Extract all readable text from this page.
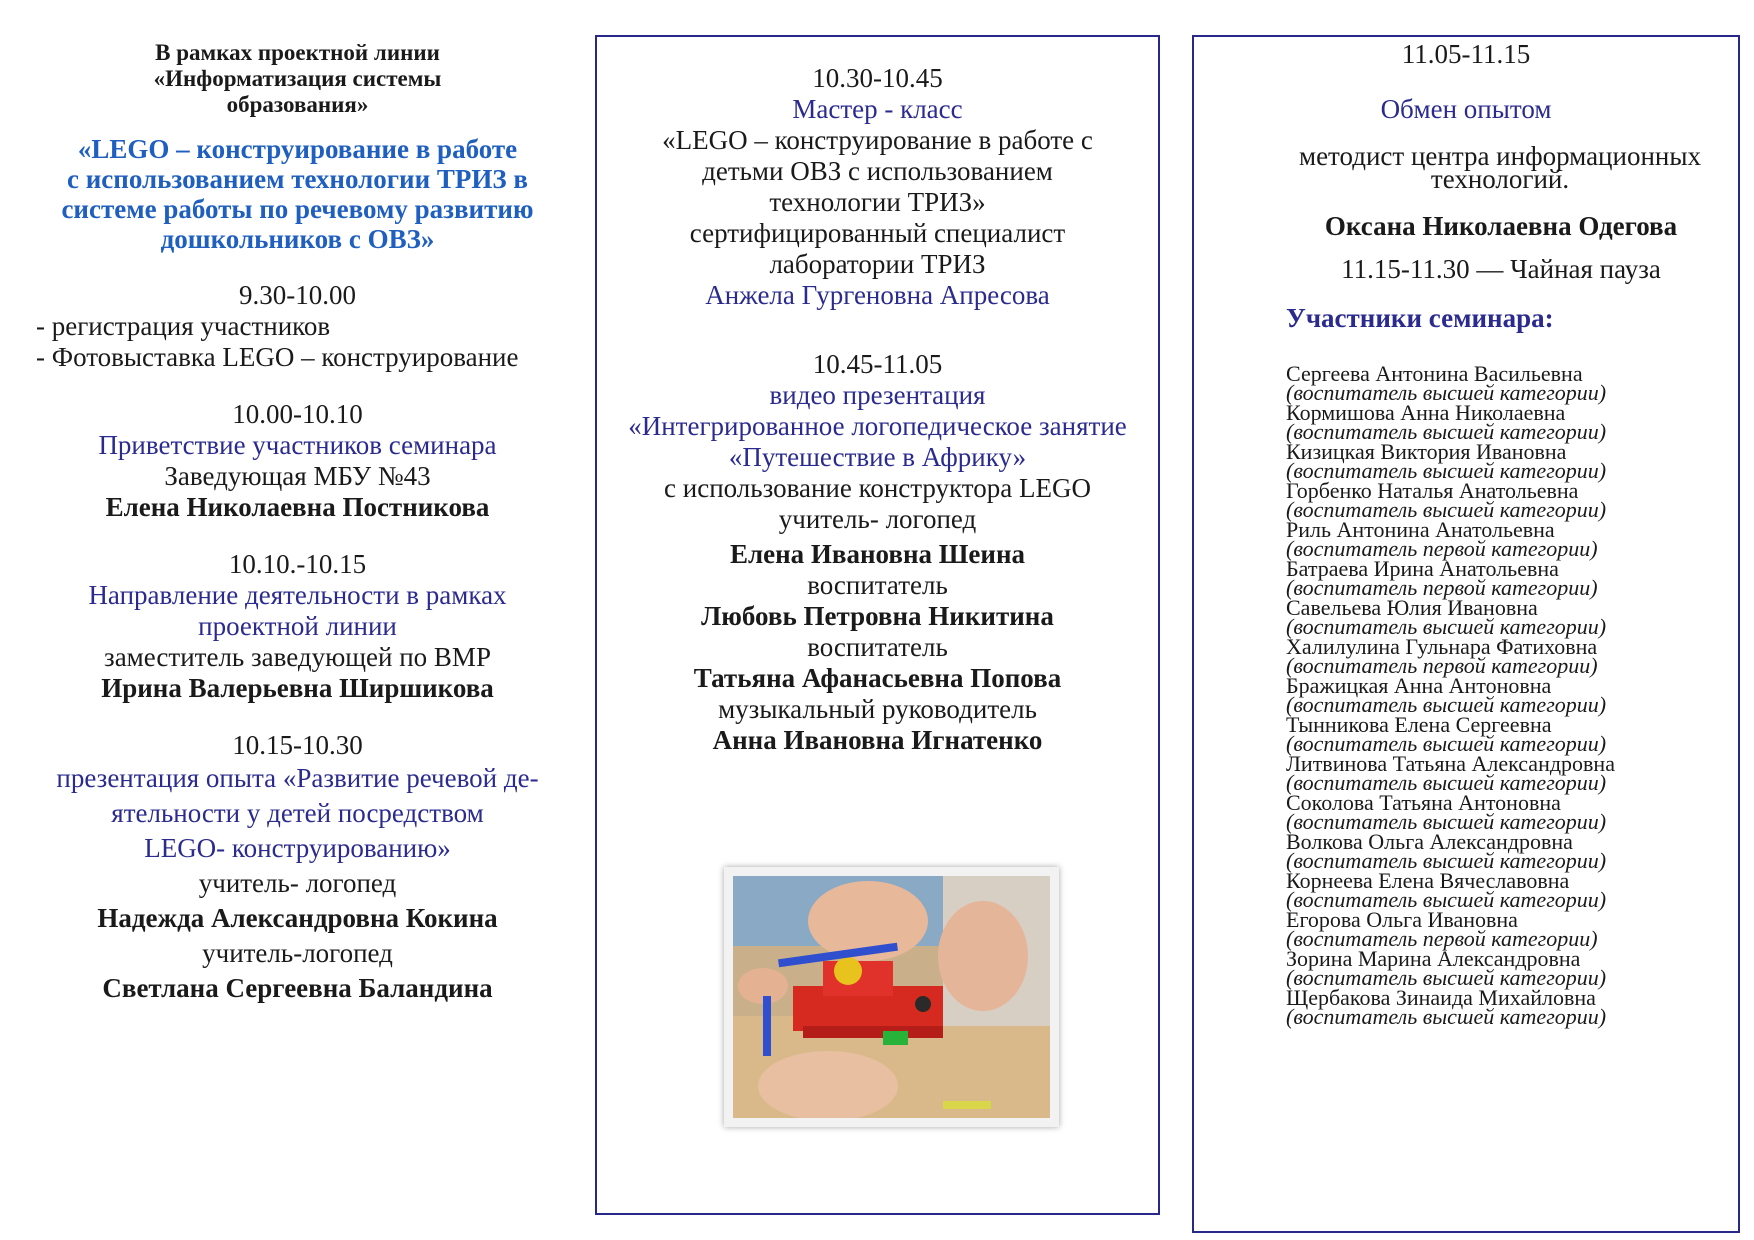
В рамках проектной линии
«Информатизация системы
образования»
«LEGO – конструирование в работе
с использованием технологии ТРИЗ в
системе работы по речевому развитию
дошкольников с ОВЗ»
9.30-10.00
- регистрация участников
- Фотовыставка LEGO – конструирование
10.00-10.10
Приветствие участников семинара
Заведующая МБУ №43
Елена Николаевна Постникова
10.10.-10.15
Направление деятельности в рамках
проектной линии
заместитель заведующей по ВМР
Ирина Валерьевна Ширшикова
10.15-10.30
презентация опыта «Развитие речевой де-
ятельности у детей посредством
LEGO- конструированию»
учитель- логопед
Надежда Александровна Кокина
учитель-логопед
Светлана Сергеевна Баландина
10.30-10.45
Мастер - класс
«LEGO – конструирование в работе с
детьми ОВЗ с использованием
технологии ТРИЗ»
сертифицированный специалист
лаборатории ТРИЗ
Анжела Гургеновна Апресова
10.45-11.05
видео презентация
«Интегрированное логопедическое занятие
«Путешествие в Африку»
с использование конструктора LEGO
учитель- логопед
Елена Ивановна Шеина
воспитатель
Любовь Петровна Никитина
воспитатель
Татьяна Афанасьевна Попова
музыкальный руководитель
Анна Ивановна Игнатенко
11.05-11.15
Обмен опытом
методист центра информационных
технологий.
Оксана Николаевна Одегова
11.15-11.30 — Чайная пауза
Участники семинара:
Сергеева Антонина Васильевна
(воспитатель высшей категории)
Кормишова Анна Николаевна
(воспитатель высшей категории)
Кизицкая Виктория Ивановна
(воспитатель высшей категории)
Горбенко Наталья Анатольевна
(воспитатель высшей категории)
Риль Антонина Анатольевна
(воспитатель первой категории)
Батраева Ирина Анатольевна
(воспитатель первой категории)
Савельева Юлия Ивановна
(воспитатель высшей категории)
Халилулина Гульнара Фатиховна
(воспитатель первой категории)
Бражицкая Анна Антоновна
(воспитатель высшей категории)
Тынникова Елена Сергеевна
(воспитатель высшей категории)
Литвинова Татьяна Александровна
(воспитатель высшей категории)
Соколова Татьяна Антоновна
(воспитатель высшей категории)
Волкова Ольга Александровна
(воспитатель высшей категории)
Корнеева Елена Вячеславовна
(воспитатель высшей категории)
Егорова Ольга Ивановна
(воспитатель первой категории)
Зорина Марина Александровна
(воспитатель высшей категории)
Щербакова Зинаида Михайловна
(воспитатель высшей категории)
